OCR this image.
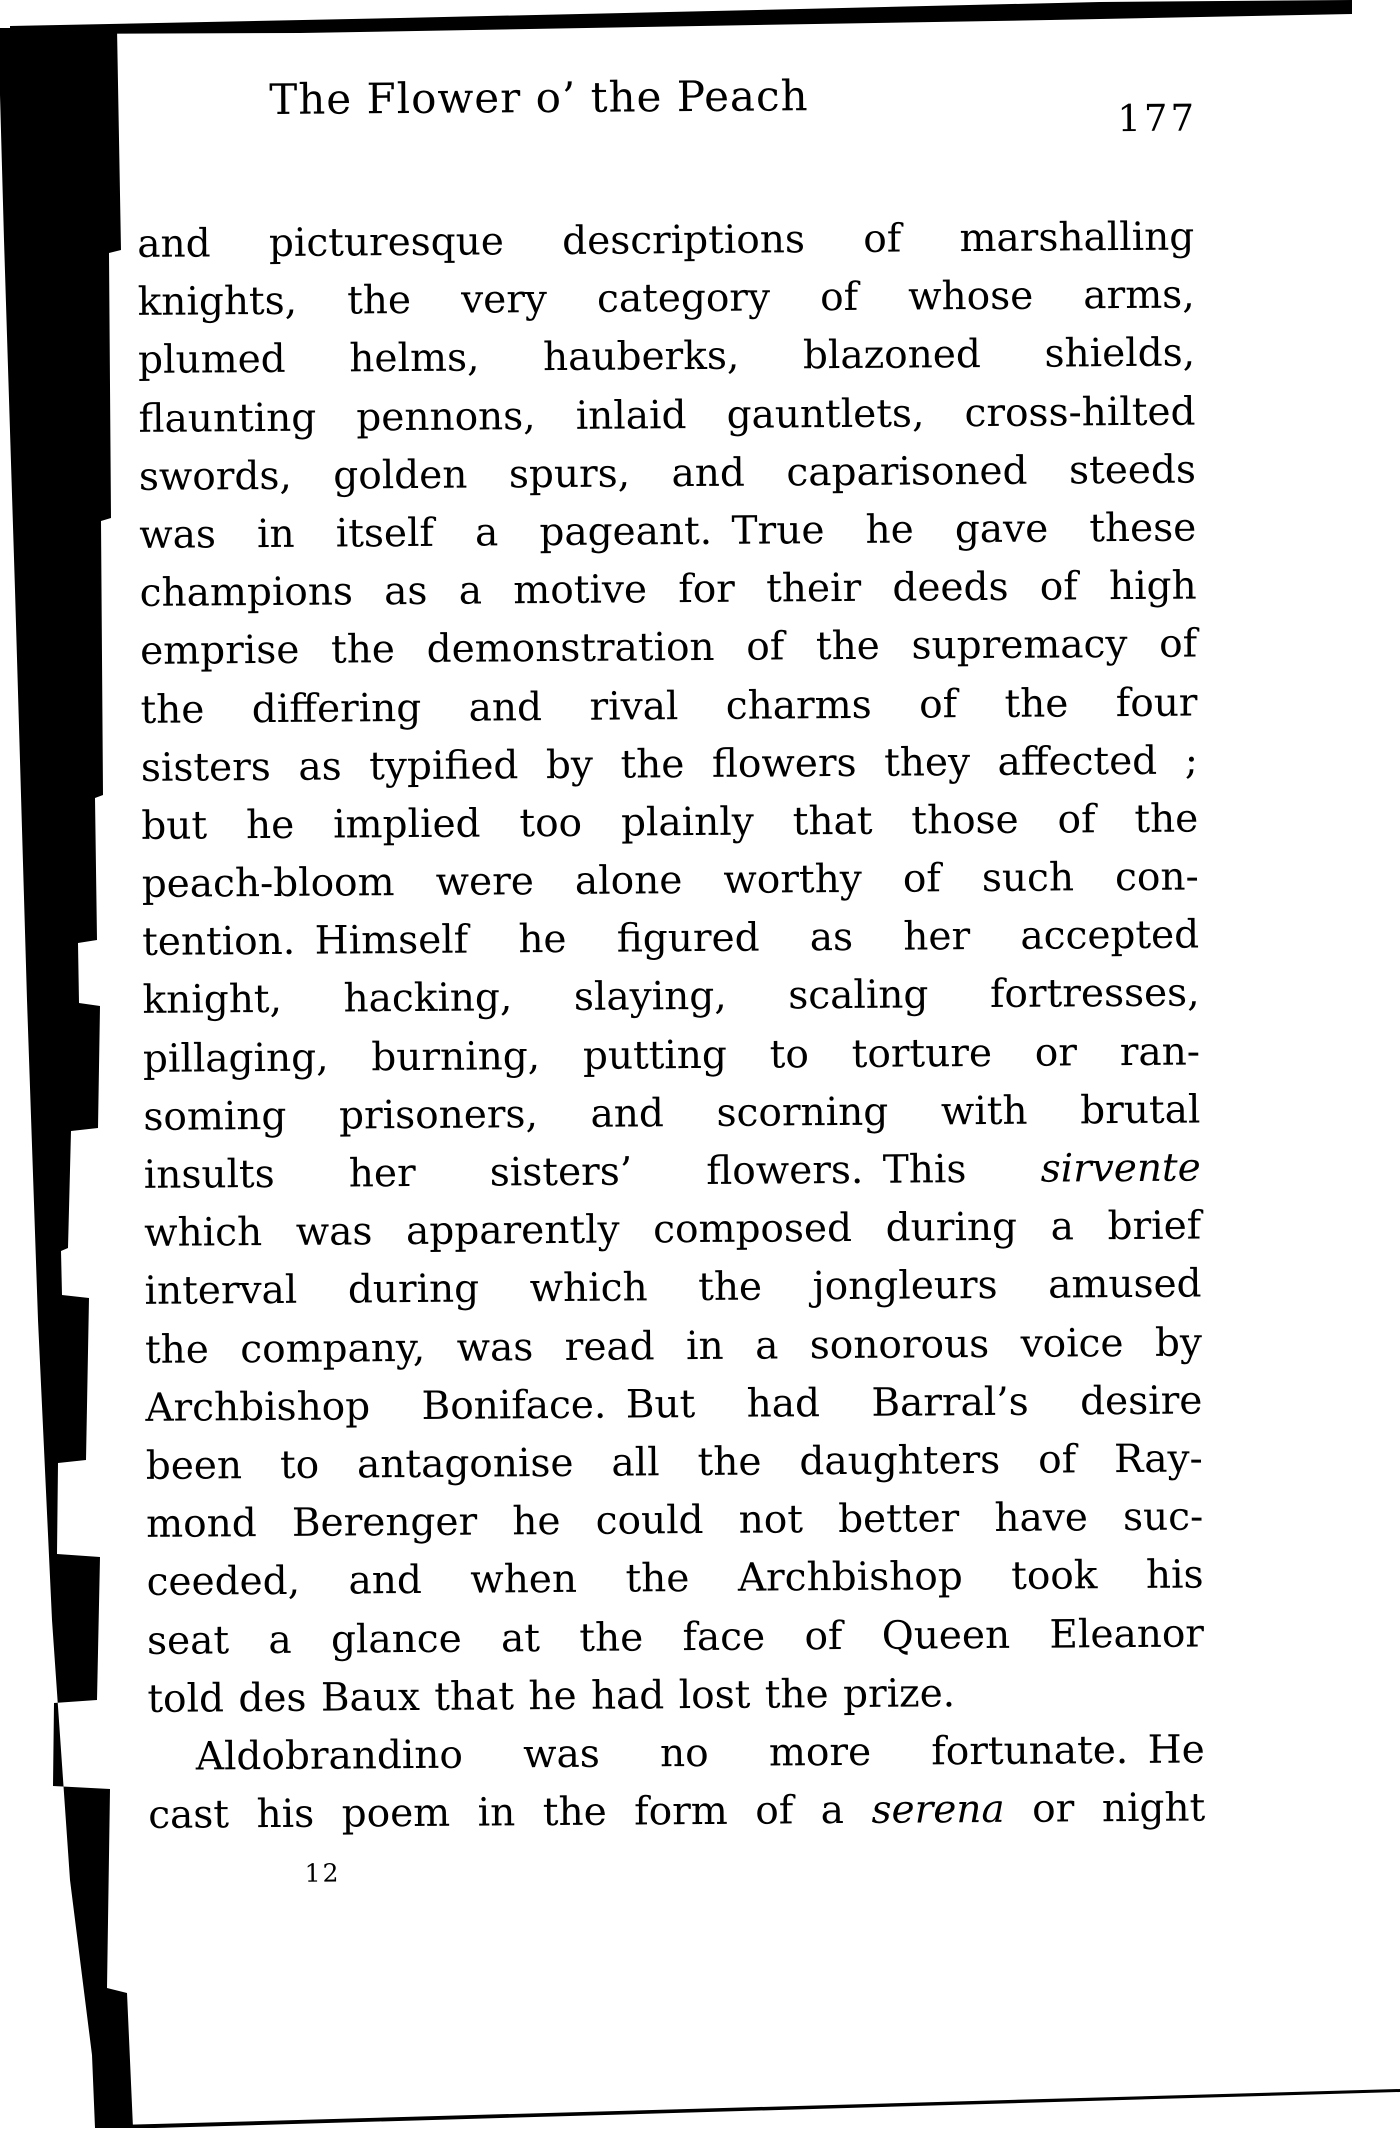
The Flower o’ the Peach	177
and picturesque descriptions of marshalling
knights, the very category of whose arms,
plumed helms, hauberks, blazoned shields,
flaunting pennons, inlaid gauntlets, cross-hilted
swords, golden spurs, and caparisoned steeds
was in itself a pageant. True he gave these
champions as a motive for their deeds of high
emprise the demonstration of the supremacy of
the differing and rival charms of the four
sisters as typified by the flowers they affected ;
but he implied too plainly that those of the
peach-bloom were alone worthy of such con-
tention. Himself he figured as her accepted
knight, hacking, slaying, scaling fortresses,
pillaging, burning, putting to torture or ran-
soming prisoners, and scorning with brutal
insults her sisters’ flowers. This sirvente
which was apparently composed during a brief
interval during which the jongleurs amused
the company, was read in a sonorous voice by
Archbishop Boniface. But had Barral’s desire
been to antagonise all the daughters of Ray-
mond Berenger he could not better have suc-
ceeded, and when the Archbishop took his
seat a glance at the face of Queen Eleanor
told des Baux that he had lost the prize.
Aldobrandino was no more fortunate. He
cast his poem in the form of a serena or night
12
